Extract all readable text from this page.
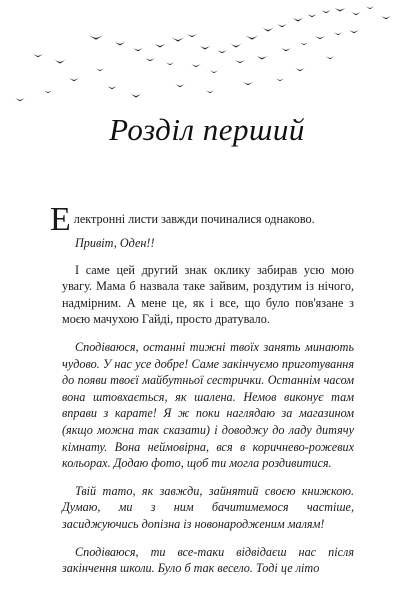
Розділ перший
Е лектронні листи завжди починалися однаково.

Привіт, Оден!!

І саме цей другий знак оклику забирав усю мою увагу. Мама б назвала таке зайвим, роздутим із нічого, надмірним. А мене це, як і все, що було пов'язане з моєю мачухою Гайді, просто дратувало.

Сподіваюся, останні тижні твоїх занять минають чудово. У нас усе добре! Саме закінчуємо приготування до появи твоєї майбутньої сестрички. Останнім часом вона штовхається, як шалена. Немов виконує там вправи з карате! Я ж поки наглядаю за магазином (якщо можна так сказати) і доводжу до ладу дитячу кімнату. Вона неймовірна, вся в коричнево-рожевих кольорах. Додаю фото, щоб ти могла роздивитися.

Твій тато, як завжди, зайнятий своєю книжкою. Думаю, ми з ним бачитимемося частіше, засиджуючись допізна із новонародженим малям!

Сподіваюся, ти все-таки відвідаєш нас після закінчення школи. Було б так весело. Тоді це літо
